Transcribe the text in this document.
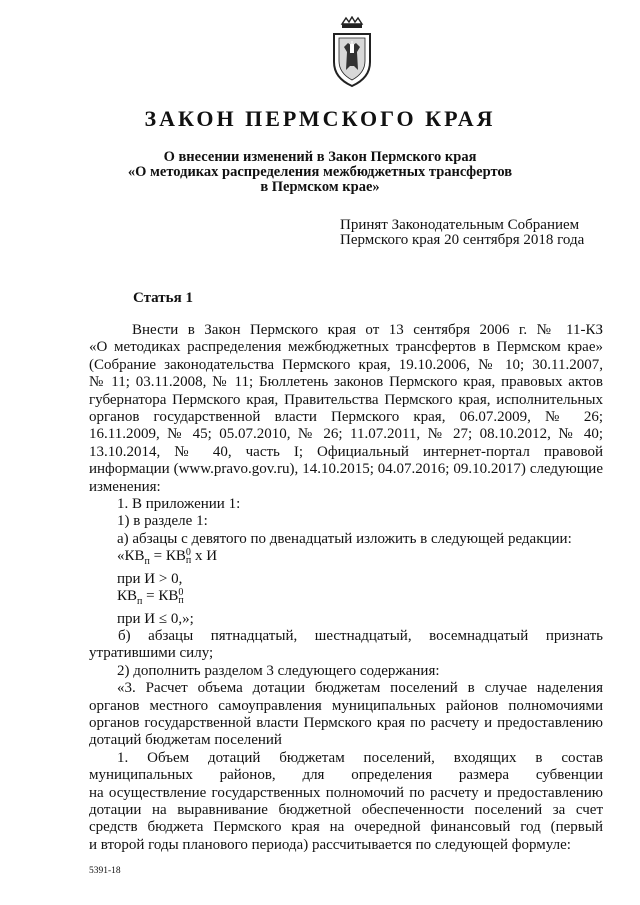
ЗАКОН ПЕРМСКОГО КРАЯ
О внесении изменений в Закон Пермского края
«О методиках распределения межбюджетных трансфертов
в Пермском крае»
Принят Законодательным Собранием
Пермского края 20 сентября 2018 года
Статья 1

Внести в Закон Пермского края от 13 сентября 2006 г. № 11-КЗ

«О методиках распределения межбюджетных трансфертов в Пермском крае»

(Собрание законодательства Пермского края, 19.10.2006, № 10; 30.11.2007,

№ 11; 03.11.2008, № 11; Бюллетень законов Пермского края, правовых актов

губернатора Пермского края, Правительства Пермского края, исполнительных

органов государственной власти Пермского края, 06.07.2009, № 26;

16.11.2009, № 45; 05.07.2010, № 26; 11.07.2011, № 27; 08.10.2012, № 40;

13.10.2014, № 40, часть I; Официальный интернет-портал правовой

информации (www.pravo.gov.ru), 14.10.2015; 04.07.2016; 09.10.2017) следующие

изменения:

1. В приложении 1:

1) в разделе 1:

а) абзацы с девятого по двенадцатый изложить в следующей редакции:

«$КВ_п$ = КВ 0
п х И

при И > 0,

$КВ_п$ = КВ 0
п

при И ≤ 0,»;

б) абзацы пятнадцатый, шестнадцатый, восемнадцатый признать

утратившими силу;

2) дополнить разделом 3 следующего содержания:

«3. Расчет объема дотации бюджетам поселений в случае наделения

органов местного самоуправления муниципальных районов полномочиями

органов государственной власти Пермского края по расчету и предоставлению

дотаций бюджетам поселений

1. Объем дотаций бюджетам поселений, входящих в состав

муниципальных районов, для определения размера субвенции

на осуществление государственных полномочий по расчету и предоставлению

дотации на выравнивание бюджетной обеспеченности поселений за счет

средств бюджета Пермского края на очередной финансовый год (первый

и второй годы планового периода) рассчитывается по следующей формуле:

5391-18
